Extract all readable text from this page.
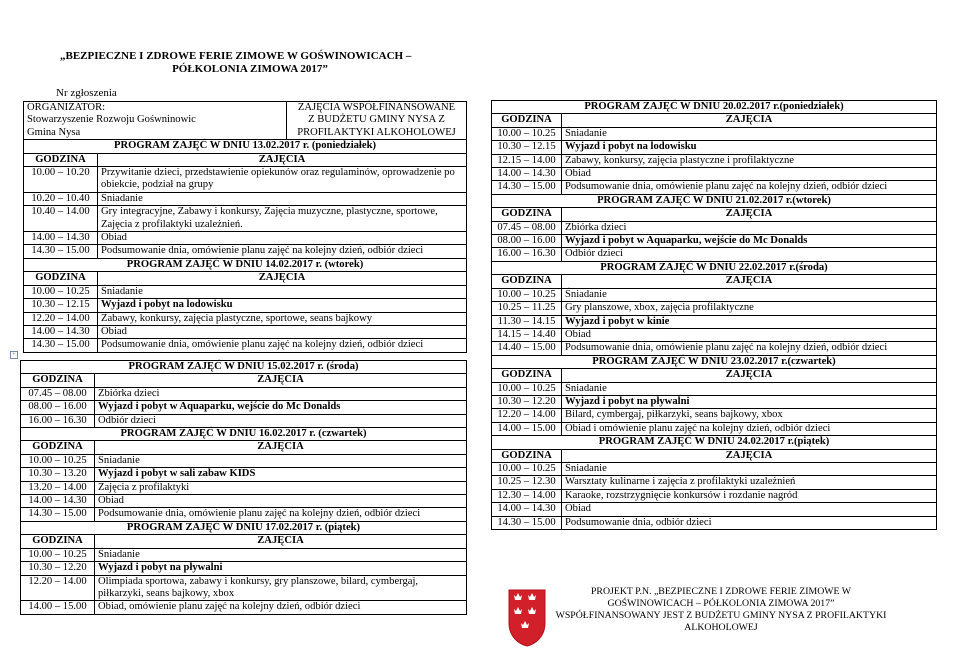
„BEZPIECZNE I ZDROWE FERIE ZIMOWE W GOŚWINOWICACH –
PÓŁKOLONIA ZIMOWA 2017”
Nr zgłoszenia
ORGANIZATOR:
Stowarzyszenie Rozwoju Gośwninowic
Gmina Nysa

ZAJĘCIA WSPÓŁFINANSOWANE
Z BUDŻETU GMINY NYSA Z
PROFILAKTYKI ALKOHOLOWEJ

PROGRAM ZAJĘĆ W DNIU 13.02.2017 r. (poniedziałek)
GODZINA	ZAJĘCIA
10.00 – 10.20	Przywitanie dzieci, przedstawienie opiekunów oraz regulaminów, oprowadzenie po obiekcie, podział na grupy
10.20 – 10.40	Śniadanie
10.40 – 14.00	Gry integracyjne, Zabawy i konkursy, Zajęcia muzyczne, plastyczne, sportowe, Zajęcia z profilaktyki uzależnień.
14.00 – 14.30	Obiad
14.30 – 15.00	Podsumowanie dnia, omówienie planu zajęć na kolejny dzień, odbiór dzieci
PROGRAM ZAJĘĆ W DNIU 14.02.2017 r. (wtorek)
GODZINA	ZAJĘCIA
10.00 – 10.25	Śniadanie
10.30 – 12.15	Wyjazd i pobyt na lodowisku
12.20 – 14.00	Zabawy, konkursy, zajęcia plastyczne, sportowe, seans bajkowy
14.00 – 14.30	Obiad
14.30 – 15.00	Podsumowanie dnia, omówienie planu zajęć na kolejny dzień, odbiór dzieci
+
PROGRAM ZAJĘĆ W DNIU 15.02.2017 r. (środa)	
GODZINA	ZAJĘCIA
07.45 – 08.00	Zbiórka dzieci
08.00 – 16.00	Wyjazd i pobyt w Aquaparku, wejście do Mc Donalds
16.00 – 16.30	Odbiór dzieci
PROGRAM ZAJĘĆ W DNIU 16.02.2017 r. (czwartek)	
GODZINA	ZAJĘCIA
10.00 – 10.25	Śniadanie
10.30 – 13.20	Wyjazd i pobyt w sali zabaw KIDS
13.20 – 14.00	Zajęcia z profilaktyki
14.00 – 14.30	Obiad
14.30 – 15.00	Podsumowanie dnia, omówienie planu zajęć na kolejny dzień, odbiór dzieci
PROGRAM ZAJĘĆ W DNIU 17.02.2017 r. (piątek)	
GODZINA	ZAJĘCIA
10.00 – 10.25	Śniadanie
10.30 – 12.20	Wyjazd i pobyt na pływalni
12.20 – 14.00	Olimpiada sportowa, zabawy i konkursy, gry planszowe, bilard, cymbergaj, piłkarzyki, seans bajkowy, xbox
14.00 – 15.00	Obiad, omówienie planu zajęć na kolejny dzień, odbiór dzieci
PROGRAM ZAJĘĆ W DNIU 20.02.2017 r.(poniedziałek)	
GODZINA	ZAJĘCIA
10.00 – 10.25	Śniadanie
10.30 – 12.15	Wyjazd i pobyt na lodowisku
12.15 – 14.00	Zabawy, konkursy, zajęcia plastyczne i profilaktyczne
14.00 – 14.30	Obiad
14.30 – 15.00	Podsumowanie dnia, omówienie planu zajęć na kolejny dzień, odbiór dzieci
PROGRAM ZAJĘĆ W DNIU 21.02.2017 r.(wtorek)	
GODZINA	ZAJĘCIA
07.45 – 08.00	Zbiórka dzieci
08.00 – 16.00	Wyjazd i pobyt w Aquaparku, wejście do Mc Donalds
16.00 – 16.30	Odbiór dzieci
PROGRAM ZAJĘĆ W DNIU 22.02.2017 r.(środa)	
GODZINA	ZAJĘCIA
10.00 – 10.25	Śniadanie
10.25 – 11.25	Gry planszowe, xbox, zajęcia profilaktyczne
11.30 – 14.15	Wyjazd i pobyt w kinie
14.15 – 14.40	Obiad
14.40 – 15.00	Podsumowanie dnia, omówienie planu zajęć na kolejny dzień, odbiór dzieci
PROGRAM ZAJĘĆ W DNIU 23.02.2017 r.(czwartek)	
GODZINA	ZAJĘCIA
10.00 – 10.25	Śniadanie
10.30 – 12.20	Wyjazd i pobyt na pływalni
12.20 – 14.00	Bilard, cymbergaj, piłkarzyki, seans bajkowy, xbox
14.00 – 15.00	Obiad i omówienie planu zajęć na kolejny dzień, odbiór dzieci
PROGRAM ZAJĘĆ W DNIU 24.02.2017 r.(piątek)	
GODZINA	ZAJĘCIA
10.00 – 10.25	Śniadanie
10.25 – 12.30	Warsztaty kulinarne i zajęcia z profilaktyki uzależnień
12.30 – 14.00	Karaoke, rozstrzygnięcie konkursów i rozdanie nagród
14.00 – 14.30	Obiad
14.30 – 15.00	Podsumowanie dnia, odbiór dzieci
PROJEKT P.N. „BEZPIECZNE I ZDROWE FERIE ZIMOWE W
GOŚWINOWICACH – PÓŁKOLONIA ZIMOWA 2017”
WSPÓŁFINANSOWANY JEST Z BUDŻETU GMINY NYSA Z PROFILAKTYKI
ALKOHOLOWEJ
